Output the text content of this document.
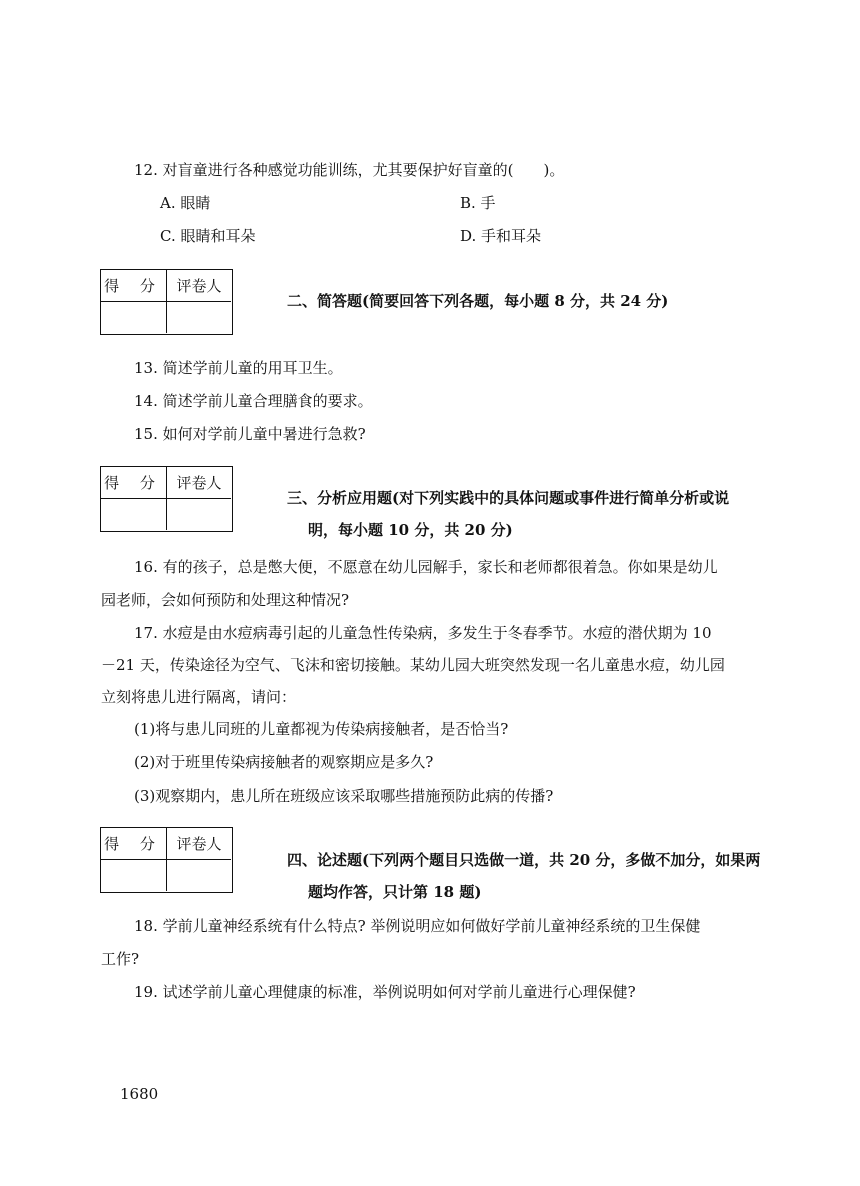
12. 对盲童进行各种感觉功能训练，尤其要保护好盲童的(　　)。
A. 眼睛	B. 手
C. 眼睛和耳朵	D. 手和耳朵
得 分 评卷人
二、简答题(简要回答下列各题，每小题 8 分，共 24 分)
13. 简述学前儿童的用耳卫生。
14. 简述学前儿童合理膳食的要求。
15. 如何对学前儿童中暑进行急救?
得 分 评卷人
三、分析应用题(对下列实践中的具体问题或事件进行简单分析或说
明，每小题 10 分，共 20 分)
16. 有的孩子，总是憋大便，不愿意在幼儿园解手，家长和老师都很着急。你如果是幼儿
园老师，会如何预防和处理这种情况?
17. 水痘是由水痘病毒引起的儿童急性传染病，多发生于冬春季节。水痘的潜伏期为 10
－21 天，传染途径为空气、飞沫和密切接触。某幼儿园大班突然发现一名儿童患水痘，幼儿园
立刻将患儿进行隔离，请问：
(1)将与患儿同班的儿童都视为传染病接触者，是否恰当?
(2)对于班里传染病接触者的观察期应是多久?
(3)观察期内，患儿所在班级应该采取哪些措施预防此病的传播?
得 分 评卷人
四、论述题(下列两个题目只选做一道，共 20 分，多做不加分，如果两
题均作答，只计第 18 题)
18. 学前儿童神经系统有什么特点? 举例说明应如何做好学前儿童神经系统的卫生保健
工作?
19. 试述学前儿童心理健康的标准，举例说明如何对学前儿童进行心理保健?
1680
